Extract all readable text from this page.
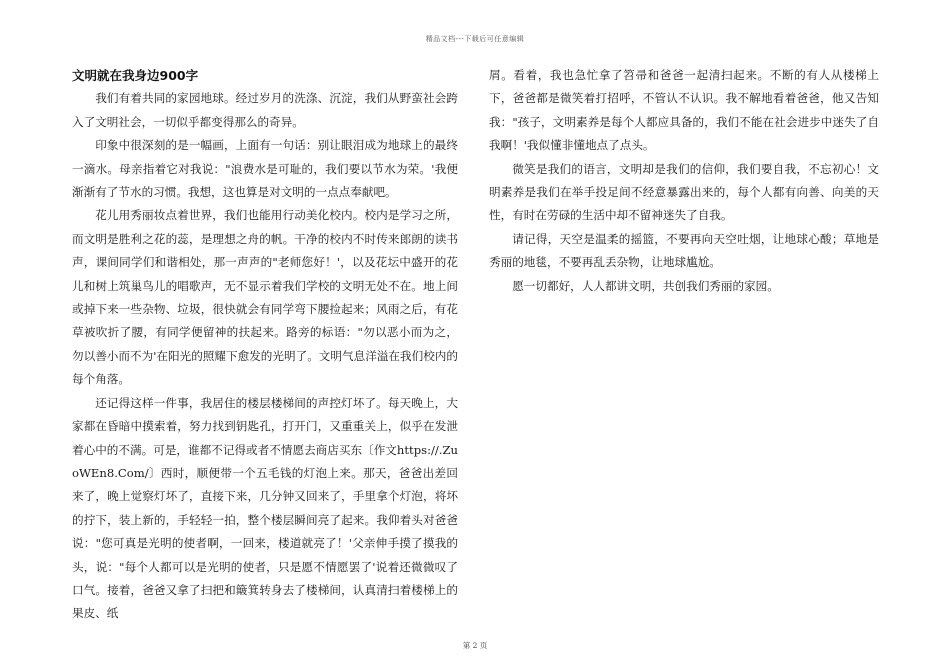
精品文档---下载后可任意编辑
文明就在我身边900字

我们有着共同的家园地球。经过岁月的洗涤、沉淀，我们从野蛮社会跨入了文明社会，一切似乎都变得那么的奇异。

印象中很深刻的是一幅画，上面有一句话：别让眼泪成为地球上的最终一滴水。母亲指着它对我说："浪费水是可耻的，我们要以节水为荣。'我便渐渐有了节水的习惯。我想，这也算是对文明的一点点奉献吧。

花儿用秀丽妆点着世界，我们也能用行动美化校内。校内是学习之所，而文明是胜利之花的蕊，是理想之舟的帆。干净的校内不时传来郎朗的读书声，课间同学们和谐相处，那一声声的"老师您好！'，以及花坛中盛开的花儿和树上筑巢鸟儿的唱歌声，无不显示着我们学校的文明无处不在。地上间或掉下来一些杂物、垃圾，很快就会有同学弯下腰捡起来；风雨之后，有花草被吹折了腰，有同学便留神的扶起来。路旁的标语："勿以恶小而为之，勿以善小而不为'在阳光的照耀下愈发的光明了。文明气息洋溢在我们校内的每个角落。

还记得这样一件事，我居住的楼层楼梯间的声控灯坏了。每天晚上，大家都在昏暗中摸索着，努力找到钥匙孔，打开门，又重重关上，似乎在发泄着心中的不满。可是，谁都不记得或者不情愿去商店买东〔作文https://.ZuoWEn8.Com/〕西时，顺便带一个五毛钱的灯泡上来。那天，爸爸出差回来了，晚上觉察灯坏了，直接下来，几分钟又回来了，手里拿个灯泡，将坏的拧下，装上新的，手轻轻一拍，整个楼层瞬间亮了起来。我仰着头对爸爸说："您可真是光明的使者啊，一回来，楼道就亮了！'父亲伸手摸了摸我的头，说："每个人都可以是光明的使者，只是愿不情愿罢了'说着还微微叹了口气。接着，爸爸又拿了扫把和簸箕转身去了楼梯间，认真清扫着楼梯上的果皮、纸

屑。看着，我也急忙拿了笤帚和爸爸一起清扫起来。不断的有人从楼梯上下，爸爸都是微笑着打招呼，不管认不认识。我不解地看着爸爸，他又告知我："孩子，文明素养是每个人都应具备的，我们不能在社会进步中迷失了自我啊！'我似懂非懂地点了点头。

微笑是我们的语言，文明却是我们的信仰，我们要自我，不忘初心！文明素养是我们在举手投足间不经意暴露出来的，每个人都有向善、向美的天性，有时在劳碌的生活中却不留神迷失了自我。

请记得，天空是温柔的摇篮，不要再向天空吐烟，让地球心酸；草地是秀丽的地毯，不要再乱丢杂物，让地球尴尬。

愿一切都好，人人都讲文明，共创我们秀丽的家园。

第 2 页
